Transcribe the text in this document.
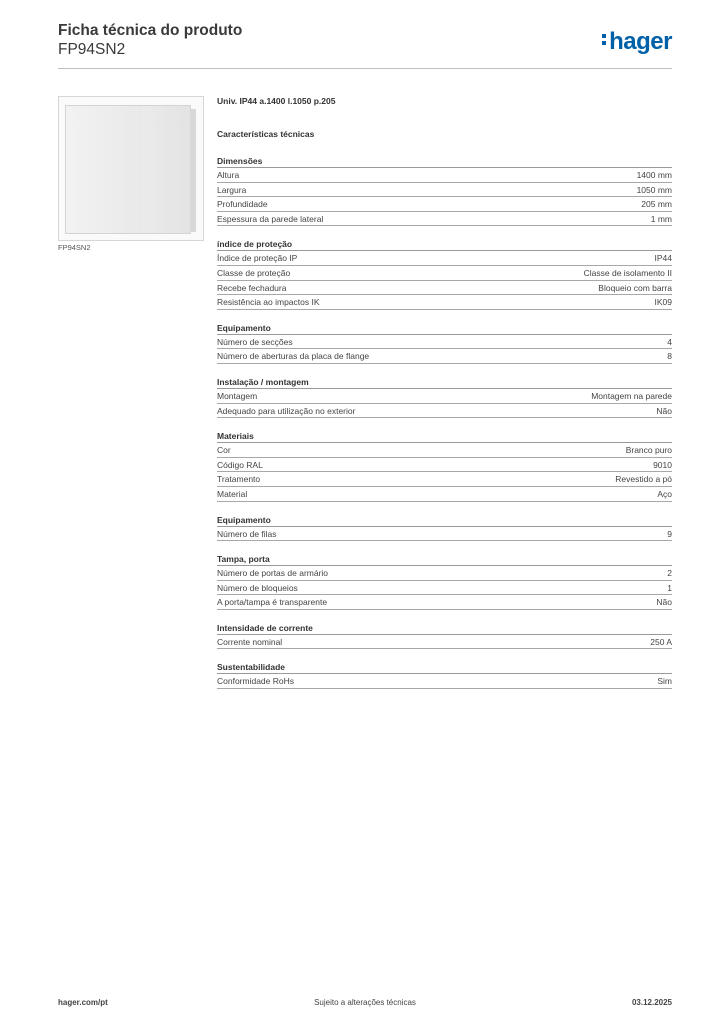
Ficha técnica do produto
FP94SN2	hager
FP94SN2
Univ. IP44 a.1400 l.1050 p.205
Características técnicas
Dimensões
Altura	1400 mm
Largura	1050 mm
Profundidade	205 mm
Espessura da parede lateral	1 mm
índice de proteção
Índice de proteção IP	IP44
Classe de proteção	Classe de isolamento II
Recebe fechadura	Bloqueio com barra
Resistência ao impactos IK	IK09
Equipamento
Número de secções	4
Número de aberturas da placa de flange	8
Instalação / montagem
Montagem	Montagem na parede
Adequado para utilização no exterior	Não
Materiais
Cor	Branco puro
Código RAL	9010
Tratamento	Revestido a pó
Material	Aço
Equipamento
Número de filas	9
Tampa, porta
Número de portas de armário	2
Número de bloqueios	1
A porta/tampa é transparente	Não
Intensidade de corrente
Corrente nominal	250 A
Sustentabilidade
Conformidade RoHs	Sim
hager.com/pt	Sujeito a alterações técnicas	03.12.2025
